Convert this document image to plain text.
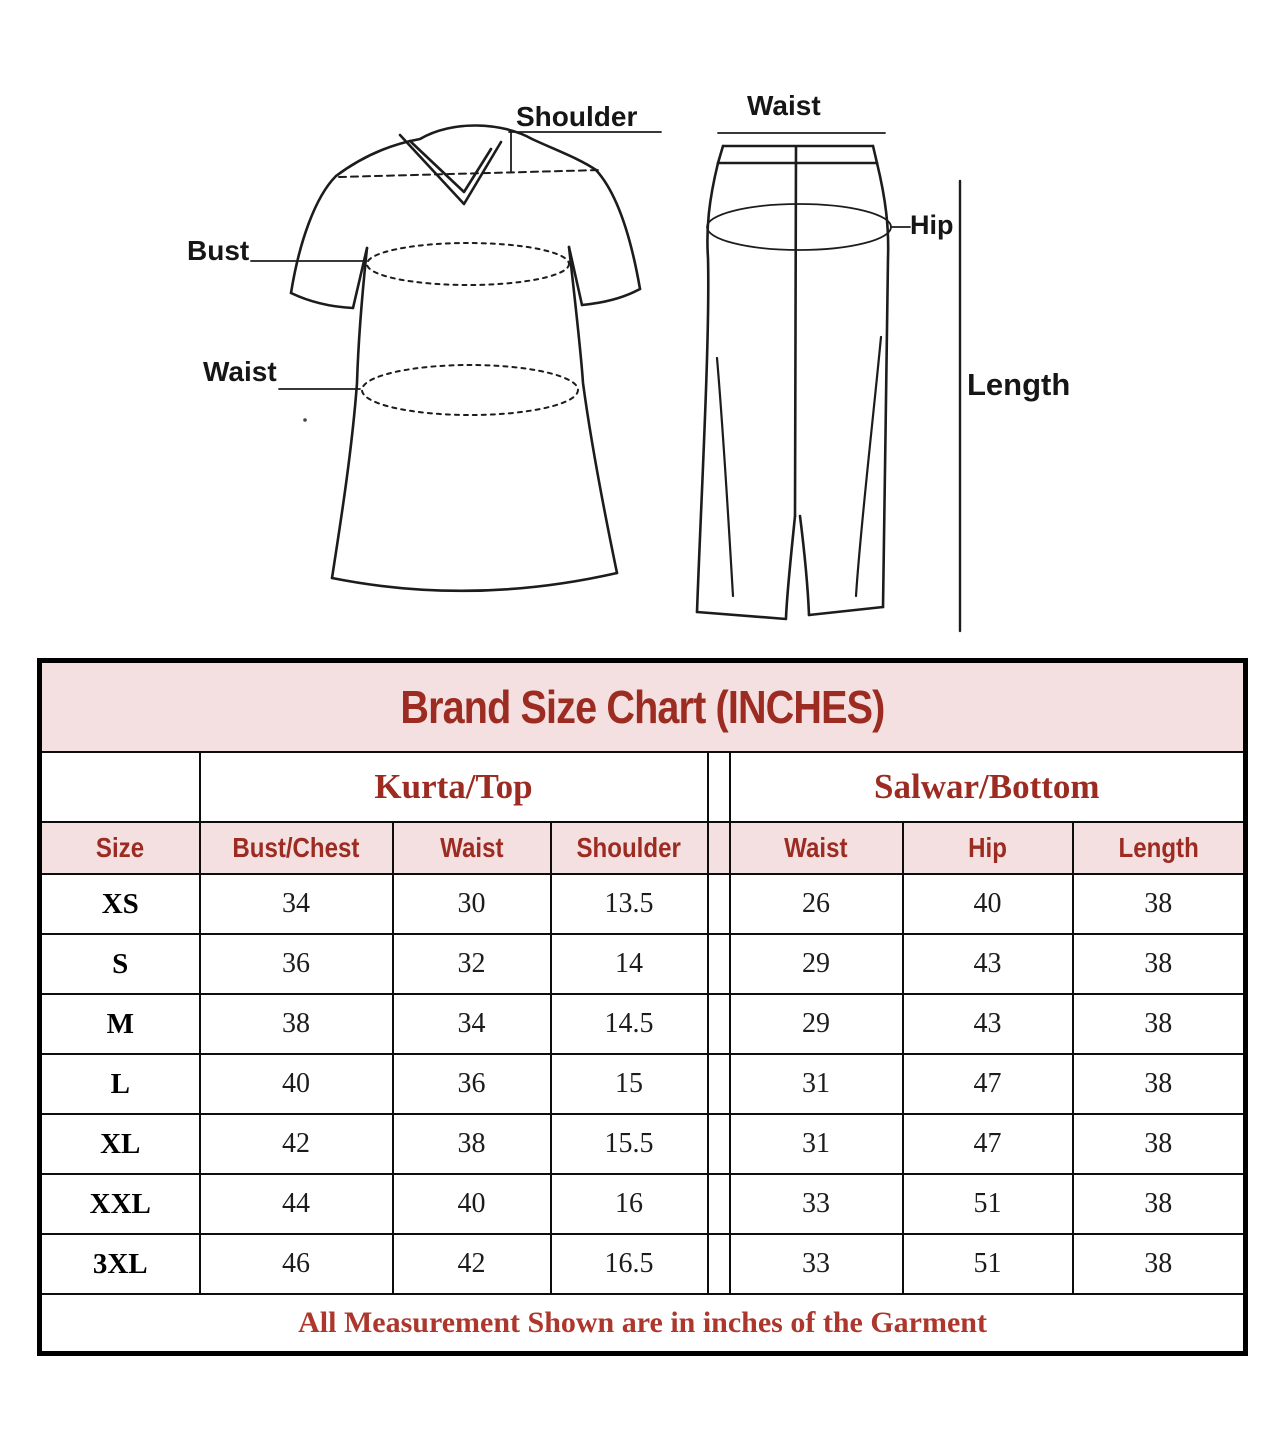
Shoulder
Bust
Waist
Waist
Hip
Length
Brand Size Chart (INCHES)							
	Kurta/Top				Salwar/Bottom		
Size	Bust/Chest	Waist	Shoulder		Waist	Hip	Length
XS	34	30	13.5		26	40	38
S	36	32	14		29	43	38
M	38	34	14.5		29	43	38
L	40	36	15		31	47	38
XL	42	38	15.5		31	47	38
XXL	44	40	16		33	51	38
3XL	46	42	16.5		33	51	38
All Measurement Shown are in inches of the Garment							
